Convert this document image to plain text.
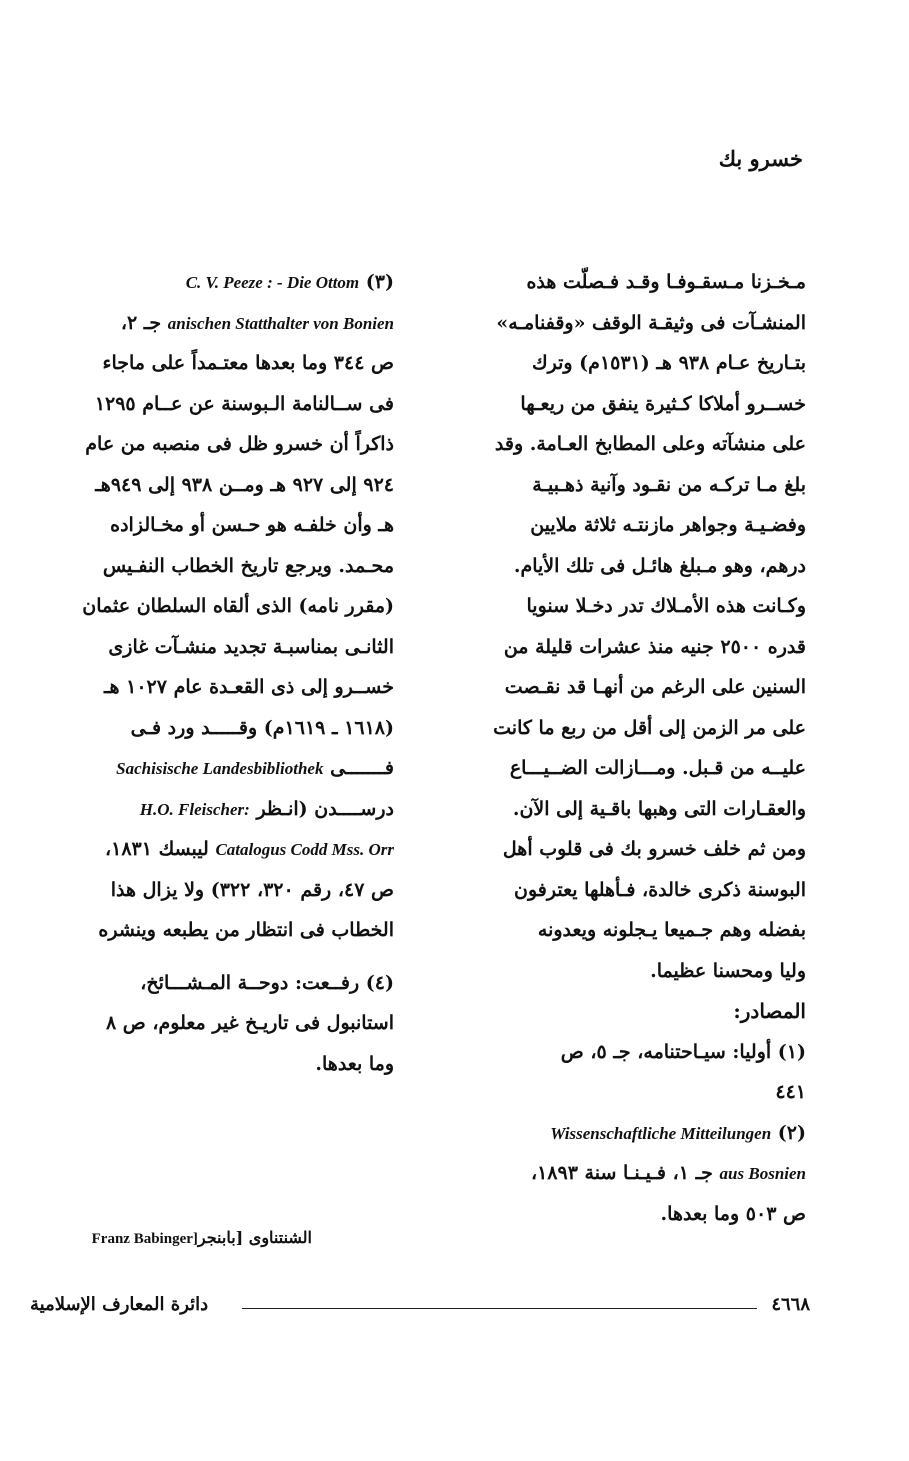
خسرو بك
مـخـزنا مـسقـوفـا وقـد فـصلّت هذه
المنشـآت فى وثيقـة الوقف «وقفنامـه»
بتـاريخ عـام ٩٣٨ هـ (١٥٣١م) وترك
خســرو أملاكا كـثيرة ينفق من ريعـها
على منشآته وعلى المطابخ العـامة. وقد
بلغ مـا تركـه من نقـود وآنية ذهـبيـة
وفضـيـة وجواهر مازنتـه ثلاثة ملايين
درهم، وهو مـبلغ هائـل فى تلك الأيام.
وكـانت هذه الأمـلاك تدر دخـلا سنويا
قدره ٢٥٠٠ جنيه منذ عشرات قليلة من
السنين على الرغم من أنهـا قد نقـصت
على مر الزمن إلى أقل من ربع ما كانت
عليــه من قـبل. ومـــازالت الضــيـــاع
والعقـارات التى وهبها باقـية إلى الآن.
ومن ثم خلف خسرو بك فى قلوب أهل
البوسنة ذكرى خالدة، فـأهلها يعترفون
بفضله وهم جـميعا يـجلونه ويعدونه
وليا ومحسنا عظيما.
المصادر:
(١) أوليا: سيـاحتنامه، جـ ٥، ص
٤٤١
(٢) Wissenschaftliche Mitteilungen
aus Bosnien جـ ١، فـيـنـا سنة ١٨٩٣،
ص ٥٠٣ وما بعدها.
(٣) C. V. Peeze : - Die Ottom
anischen Statthalter von Bonien جـ ٢،
ص ٣٤٤ وما بعدها معتـمداً على ماجاء
فى ســالنامة الـبوسنة عن عــام ١٢٩٥
ذاكراً أن خسرو ظل فى منصبه من عام
٩٢٤ إلى ٩٢٧ هـ ومــن ٩٣٨ إلى ٩٤٩هـ
هـ وأن خلفـه هو حـسن أو مخـالزاده
محـمد. ويرجع تاريخ الخطاب النفـيس
(مقرر نامه) الذى ألقاه السلطان عثمان
الثانـى بمناسبـة تجديد منشـآت غازى
خســرو إلى ذى القعـدة عام ١٠٢٧ هـ
(١٦١٨ ـ ١٦١٩م) وقـــــد ورد فـى
فـــــــى Sachisische Landesbibliothek
درســــدن (انـظر H.O. Fleischer:
Catalogus Codd Mss. Orr ليبسك ١٨٣١،
ص ٤٧، رقم ٣٢٠، ٣٢٢) ولا يزال هذا
الخطاب فى انتظار من يطبعه وينشره
(٤) رفــعت: دوحــة المـشـــائخ،
استانبول فى تاريـخ غير معلوم، ص ٨
وما بعدها.
الشنتناوى [بابنجرFranz Babinger]
دائرة المعارف الإسلامية	٤٦٦٨
